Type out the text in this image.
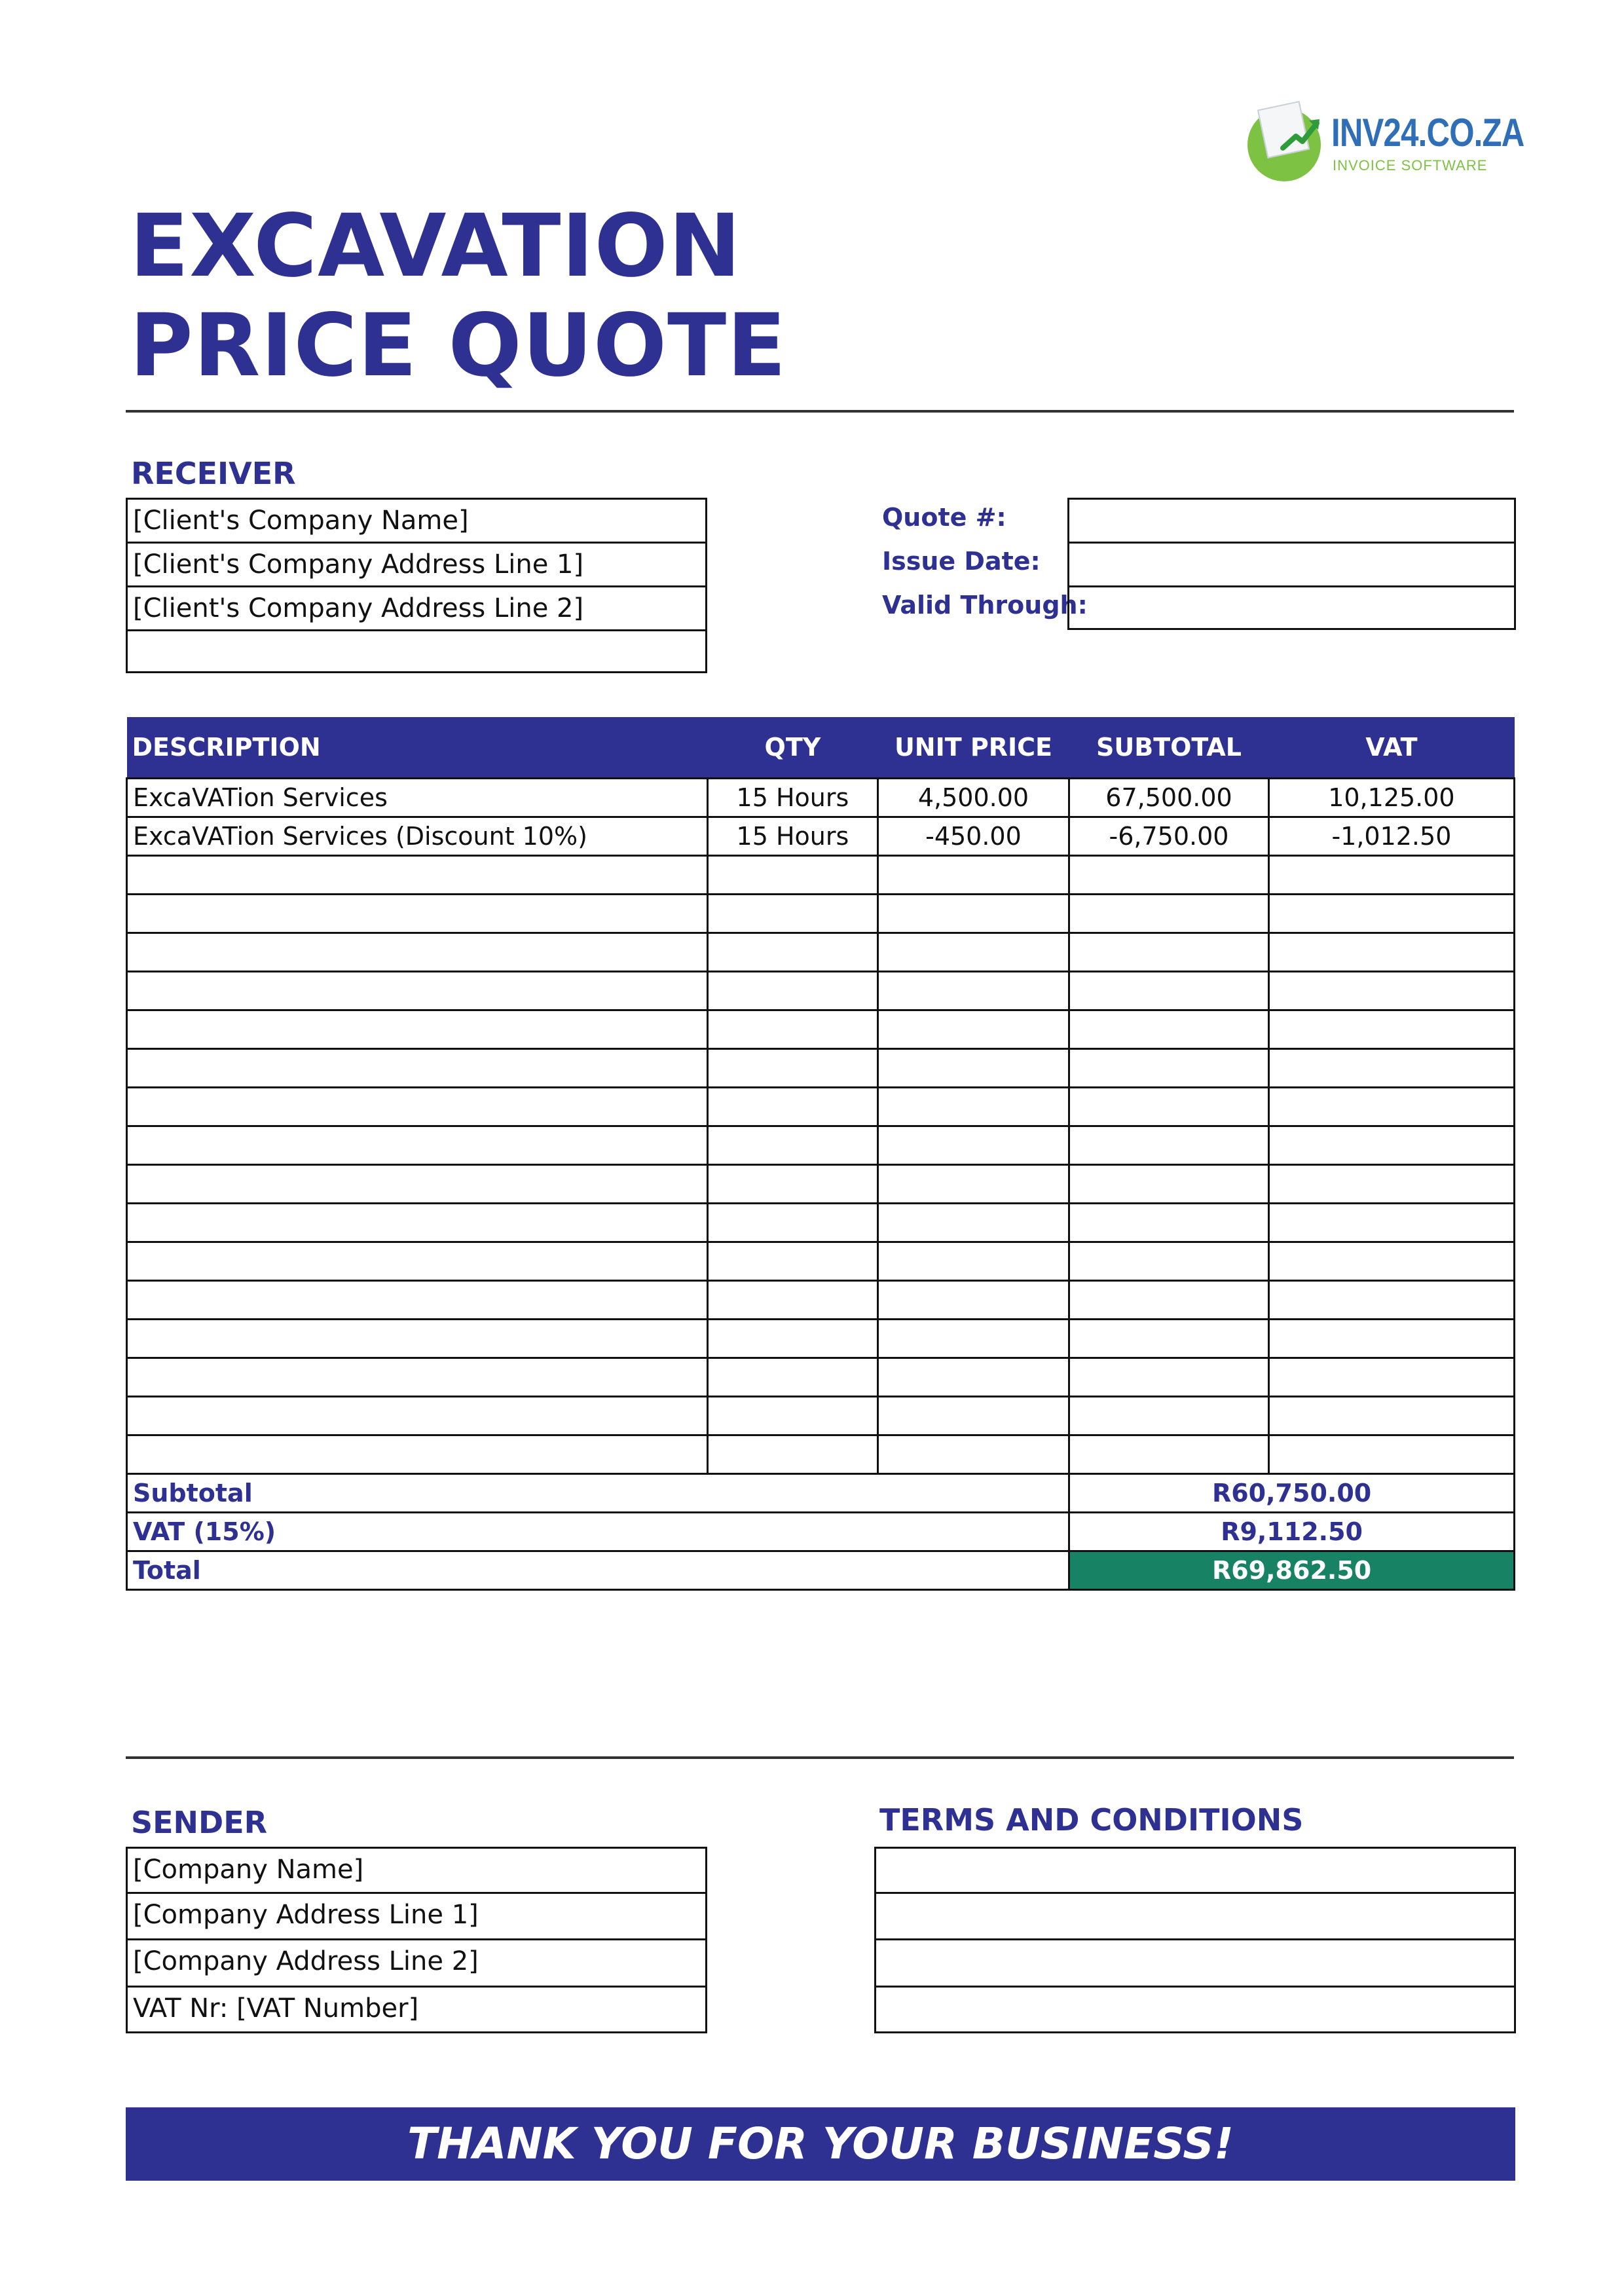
INV24.CO.ZA
INVOICE SOFTWARE
EXCAVATION
PRICE QUOTE
RECEIVER
[Client's Company Name]
[Client's Company Address Line 1]
[Client's Company Address Line 2]
Quote #:
Issue Date:
Valid Through:
DESCRIPTION	QTY	UNIT PRICE	SUBTOTAL	VAT
ExcaVATion Services	15 Hours	4,500.00	67,500.00	10,125.00
ExcaVATion Services (Discount 10%)	15 Hours	-450.00	-6,750.00	-1,012.50

Subtotal			R60,750.00	
VAT (15%)			R9,112.50	
Total			R69,862.50	
SENDER
[Company Name]
[Company Address Line 1]
[Company Address Line 2]
VAT Nr: [VAT Number]
TERMS AND CONDITIONS
THANK YOU FOR YOUR BUSINESS!
